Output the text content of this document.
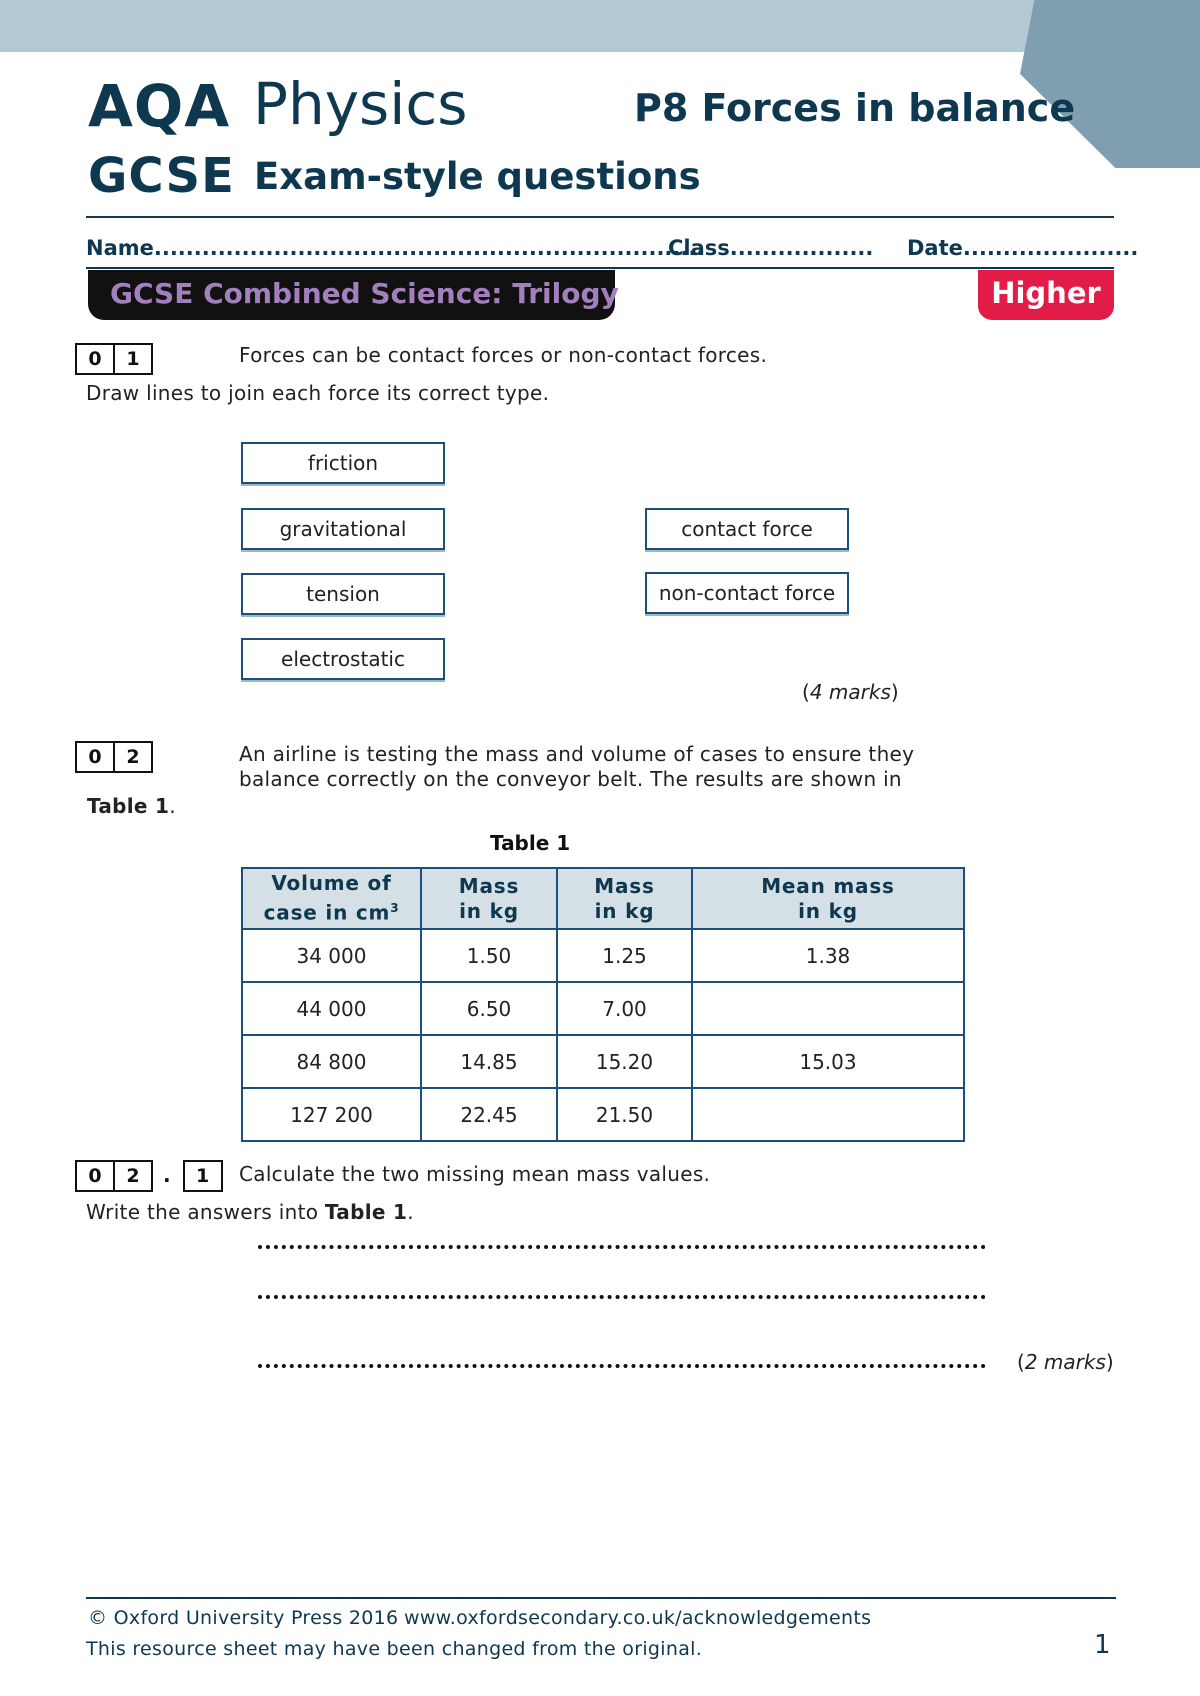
AQA Physics
GCSE Exam-style questions
P8 Forces in balance
Name.....................................................................
Class.................. Date......................
GCSE Combined Science: Trilogy	Higher
0	1	Forces can be contact forces or non-contact forces.
Draw lines to join each force its correct type.
friction
gravitational
tension
electrostatic
contact force
non-contact force
(4 marks)
0	2	An airline is testing the mass and volume of cases to ensure they
balance correctly on the conveyor belt. The results are shown in
Table 1.
Table 1
Volume of
case in $cm^3$	Mass
in kg	Mass
in kg	Mean mass
in kg
34 000	1.50	1.25	1.38
44 000	6.50	7.00	
84 800	14.85	15.20	15.03
127 200	22.45	21.50	
0	2	.	1	Calculate the two missing mean mass values.
Write the answers into Table 1.
(2 marks)
© Oxford University Press 2016 www.oxfordsecondary.co.uk/acknowledgements
This resource sheet may have been changed from the original.	1
